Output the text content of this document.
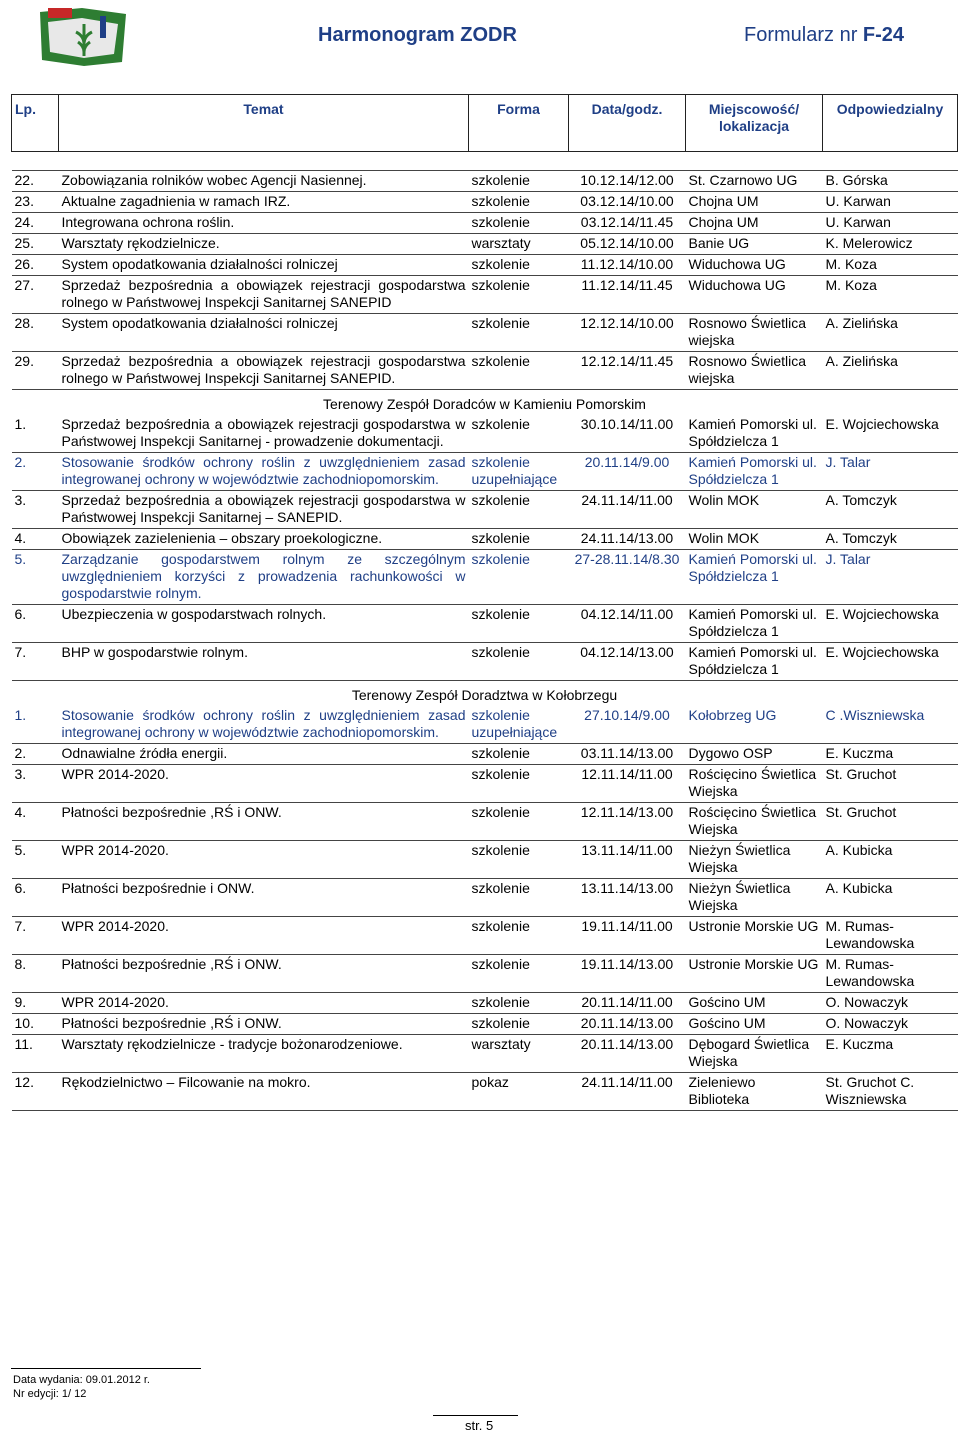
Harmonogram ZODR	Formularz nr F-24
Lp.	Temat	Forma	Data/godz.	Miejscowość/ lokalizacja	Odpowiedzialny

22.	Zobowiązania rolników wobec Agencji Nasiennej.	szkolenie	10.12.14/12.00	St. Czarnowo UG	B. Górska
23.	Aktualne zagadnienia w ramach IRZ.	szkolenie	03.12.14/10.00	Chojna UM	U. Karwan
24.	Integrowana ochrona roślin.	szkolenie	03.12.14/11.45	Chojna UM	U. Karwan
25.	Warsztaty rękodzielnicze.	warsztaty	05.12.14/10.00	Banie UG	K. Melerowicz
26.	System opodatkowania działalności rolniczej	szkolenie	11.12.14/10.00	Widuchowa UG	M. Koza
27.	Sprzedaż bezpośrednia a obowiązek rejestracji gospodarstwa rolnego w Państwowej Inspekcji Sanitarnej SANEPID	szkolenie	11.12.14/11.45	Widuchowa UG	M. Koza
28.	System opodatkowania działalności rolniczej	szkolenie	12.12.14/10.00	Rosnowo Świetlica wiejska	A. Zielińska
29.	Sprzedaż bezpośrednia a obowiązek rejestracji gospodarstwa rolnego w Państwowej Inspekcji Sanitarnej SANEPID.	szkolenie	12.12.14/11.45	Rosnowo Świetlica wiejska	A. Zielińska
Terenowy Zespół Doradców w Kamieniu Pomorskim					
1.	Sprzedaż bezpośrednia a obowiązek rejestracji gospodarstwa w Państwowej Inspekcji Sanitarnej - prowadzenie dokumentacji.	szkolenie	30.10.14/11.00	Kamień Pomorski ul. Spółdzielcza 1	E. Wojciechowska
2.	Stosowanie środków ochrony roślin z uwzględnieniem zasad integrowanej ochrony w województwie zachodniopomorskim.	szkolenie uzupełniające	20.11.14/9.00	Kamień Pomorski ul. Spółdzielcza 1	J. Talar
3.	Sprzedaż bezpośrednia a obowiązek rejestracji gospodarstwa w Państwowej Inspekcji Sanitarnej – SANEPID.	szkolenie	24.11.14/11.00	Wolin MOK	A. Tomczyk
4.	Obowiązek zazielenienia – obszary proekologiczne.	szkolenie	24.11.14/13.00	Wolin MOK	A. Tomczyk
5.	Zarządzanie gospodarstwem rolnym ze szczególnym uwzględnieniem korzyści z prowadzenia rachunkowości w gospodarstwie rolnym.	szkolenie	27-28.11.14/8.30	Kamień Pomorski ul. Spółdzielcza 1	J. Talar
6.	Ubezpieczenia w gospodarstwach rolnych.	szkolenie	04.12.14/11.00	Kamień Pomorski ul. Spółdzielcza 1	E. Wojciechowska
7.	BHP w gospodarstwie rolnym.	szkolenie	04.12.14/13.00	Kamień Pomorski ul. Spółdzielcza 1	E. Wojciechowska
Terenowy Zespół Doradztwa w Kołobrzegu					
1.	Stosowanie środków ochrony roślin z uwzględnieniem zasad integrowanej ochrony w województwie zachodniopomorskim.	szkolenie uzupełniające	27.10.14/9.00	Kołobrzeg UG	C .Wiszniewska
2.	Odnawialne źródła energii.	szkolenie	03.11.14/13.00	Dygowo OSP	E. Kuczma
3.	WPR 2014-2020.	szkolenie	12.11.14/11.00	Rościęcino Świetlica Wiejska	St. Gruchot
4.	Płatności bezpośrednie ,RŚ i ONW.	szkolenie	12.11.14/13.00	Rościęcino Świetlica Wiejska	St. Gruchot
5.	WPR 2014-2020.	szkolenie	13.11.14/11.00	Nieżyn Świetlica Wiejska	A. Kubicka
6.	Płatności bezpośrednie i ONW.	szkolenie	13.11.14/13.00	Nieżyn Świetlica Wiejska	A. Kubicka
7.	WPR 2014-2020.	szkolenie	19.11.14/11.00	Ustronie Morskie UG	M. Rumas-Lewandowska
8.	Płatności bezpośrednie ,RŚ i ONW.	szkolenie	19.11.14/13.00	Ustronie Morskie UG	M. Rumas-Lewandowska
9.	WPR 2014-2020.	szkolenie	20.11.14/11.00	Gościno UM	O. Nowaczyk
10.	Płatności bezpośrednie ,RŚ i ONW.	szkolenie	20.11.14/13.00	Gościno UM	O. Nowaczyk
11.	Warsztaty rękodzielnicze - tradycje bożonarodzeniowe.	warsztaty	20.11.14/13.00	Dębogard Świetlica Wiejska	E. Kuczma
12.	Rękodzielnictwo – Filcowanie na mokro.	pokaz	24.11.14/11.00	Zieleniewo Biblioteka	St. Gruchot C. Wiszniewska
Data wydania: 09.01.2012 r.
Nr edycji: 1/ 12
str. 5
